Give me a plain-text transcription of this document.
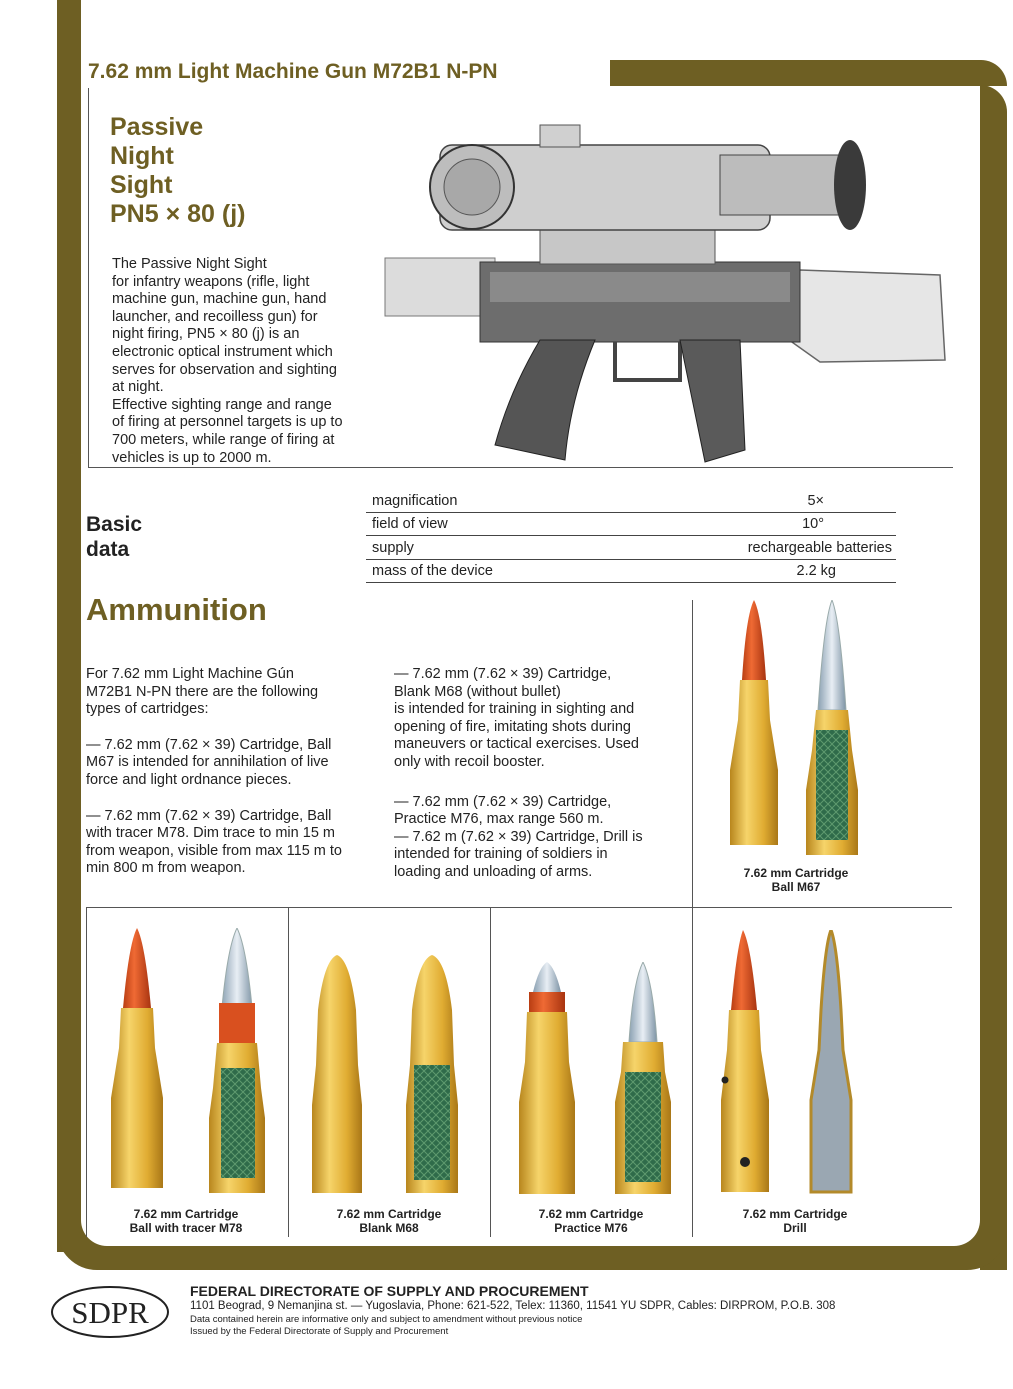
7.62 mm Light Machine Gun M72B1 N-PN
Passive
Night
Sight
PN5 × 80 (j)
The Passive Night Sight
for infantry weapons (rifle, light
machine gun, machine gun, hand
launcher, and recoilless gun) for
night firing, PN5 × 80 (j) is an
electronic optical instrument which
serves for observation and sighting
at night.
Effective sighting range and range
of firing at personnel targets is up to
700 meters, while range of firing at
vehicles is up to 2000 m.
Basic
data
magnification	5×
field of view	10°
supply	rechargeable batteries
mass of the device	2.2 kg
Ammunition

For 7.62 mm Light Machine Gún
M72B1 N-PN there are the following
types of cartridges:

— 7.62 mm (7.62 × 39) Cartridge, Ball
M67 is intended for annihilation of live
force and light ordnance pieces.

— 7.62 mm (7.62 × 39) Cartridge, Ball
with tracer M78. Dim trace to min 15 m
from weapon, visible from max 115 m to
min 800 m from weapon.

— 7.62 mm (7.62 × 39) Cartridge,
Blank M68 (without bullet)
is intended for training in sighting and
opening of fire, imitating shots during
maneuvers or tactical exercises. Used
only with recoil booster.

— 7.62 mm (7.62 × 39) Cartridge,
Practice M76, max range 560 m.
— 7.62 m (7.62 × 39) Cartridge, Drill is
intended for training of soldiers in
loading and unloading of arms.	7.62 mm Cartridge
Ball M67
7.62 mm Cartridge
Ball with tracer M78
7.62 mm Cartridge
Blank M68
7.62 mm Cartridge
Practice M76
7.62 mm Cartridge
Drill
SDPR
FEDERAL DIRECTORATE OF SUPPLY AND PROCUREMENT
1101 Beograd, 9 Nemanjina st. — Yugoslavia, Phone: 621-522, Telex: 11360, 11541 YU SDPR, Cables: DIRPROM, P.O.B. 308
Data contained herein are informative only and subject to amendment without previous notice
Issued by the Federal Directorate of Supply and Procurement
